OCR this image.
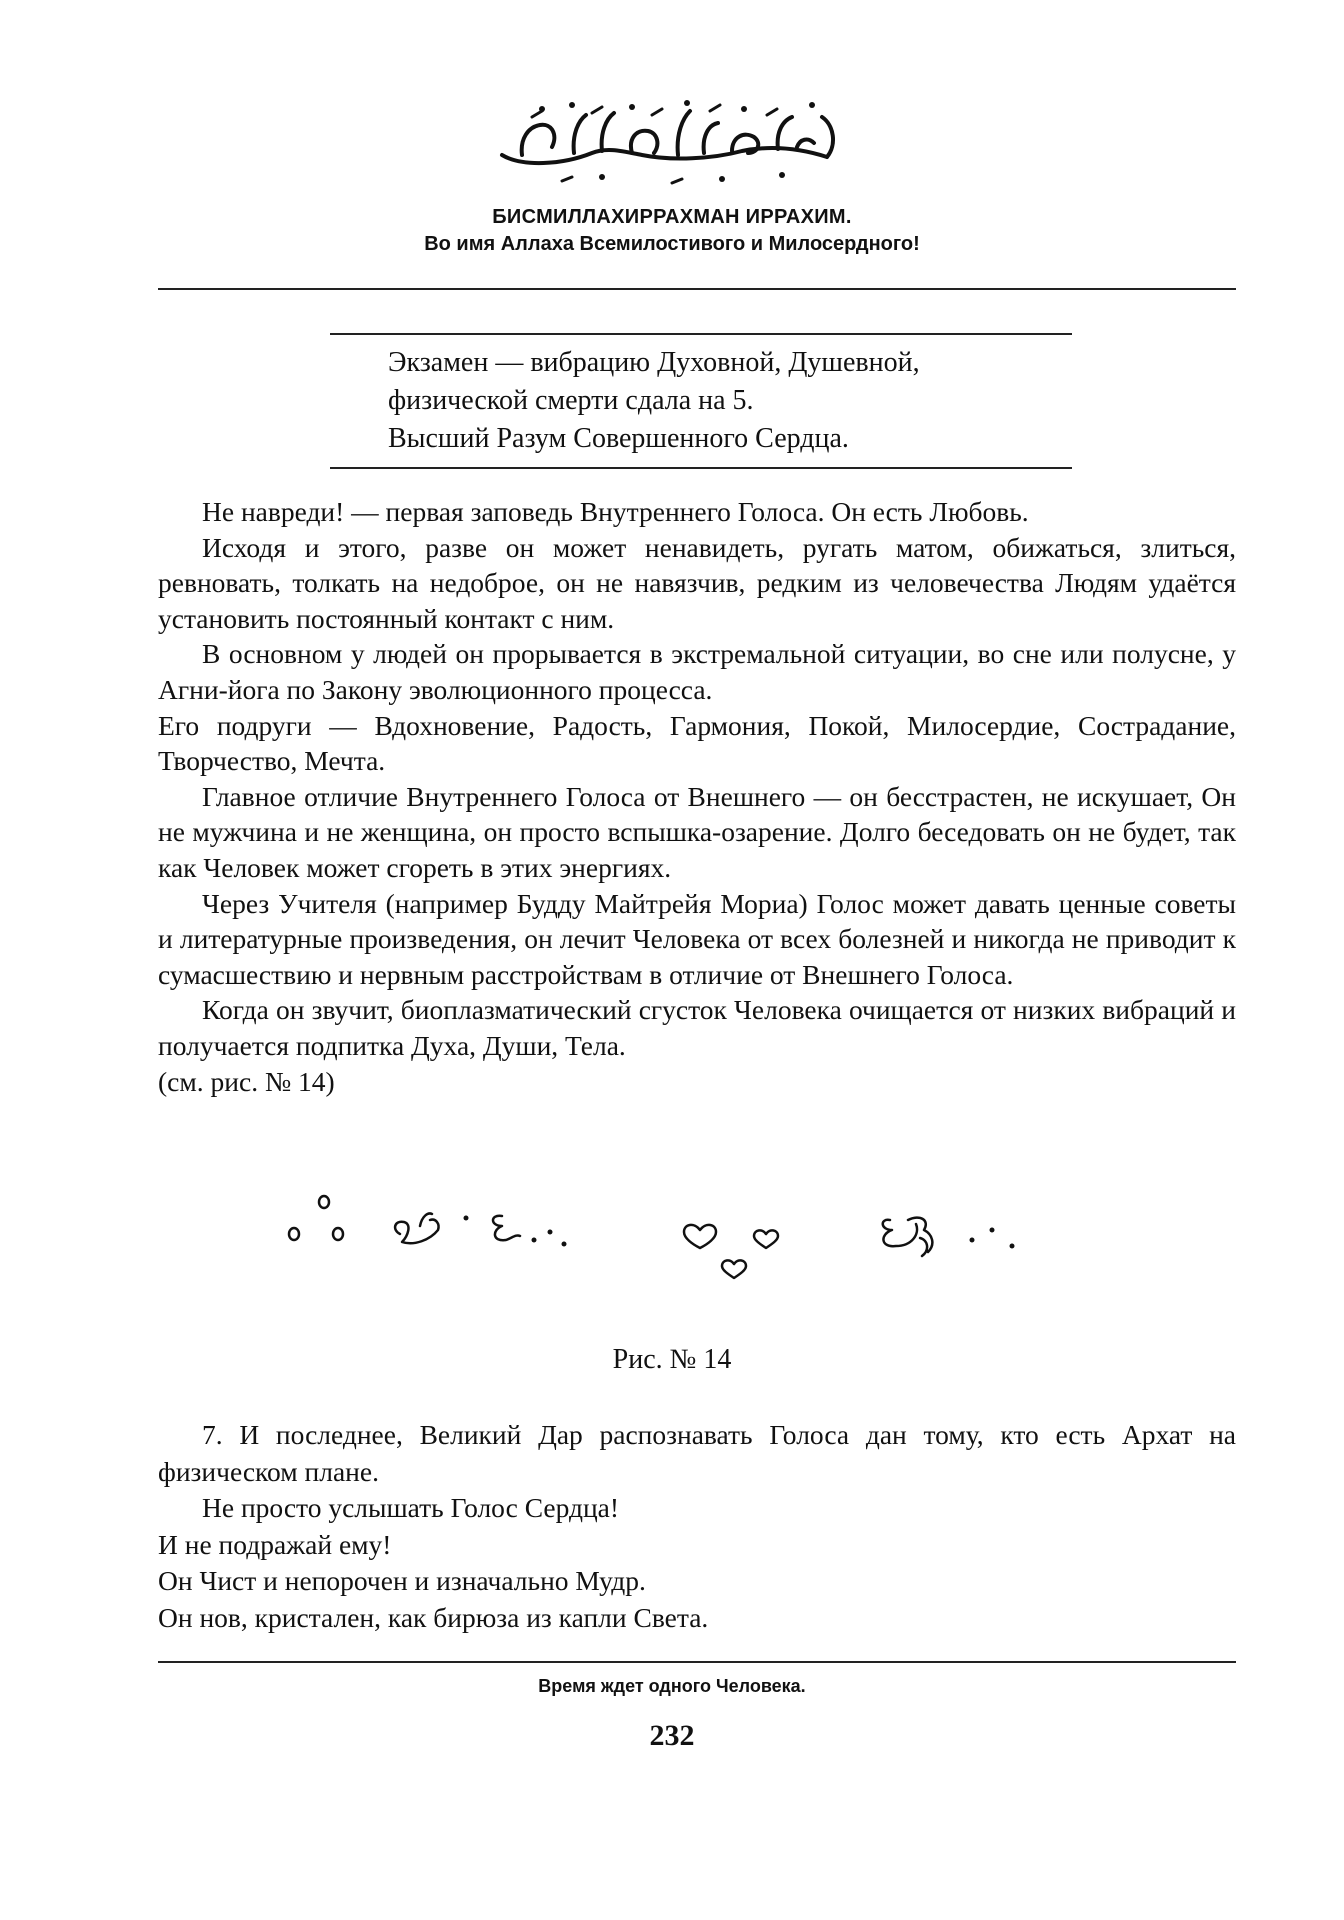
БИСМИЛЛАХИРРАХМАН ИРРАХИМ.
Во имя Аллаха Всемилостивого и Милосердного!
Экзамен — вибрацию Духовной, Душевной,
физической смерти сдала на 5.
Высший Разум Совершенного Сердца.
Не навреди! — первая заповедь Внутреннего Голоса. Он есть Любовь.
Исходя и этого, разве он может ненавидеть, ругать матом, обижаться, злиться, ревновать, толкать на недоброе, он не навязчив, редким из человечества Людям удаётся установить постоянный контакт с ним.
В основном у людей он прорывается в экстремальной ситуации, во сне или полусне, у Агни-йога по Закону эволюционного процесса.
Его подруги — Вдохновение, Радость, Гармония, Покой, Милосердие, Сострадание, Творчество, Мечта.
Главное отличие Внутреннего Голоса от Внешнего — он бесстрастен, не искушает, Он не мужчина и не женщина, он просто вспышка-озарение. Долго беседовать он не будет, так как Человек может сгореть в этих энергиях.
Через Учителя (например Будду Майтрейя Мориа) Голос может давать ценные советы и литературные произведения, он лечит Человека от всех болезней и никогда не приводит к сумасшествию и нервным расстройствам в отличие от Внешнего Голоса.
Когда он звучит, биоплазматический сгусток Человека очищается от низких вибраций и получается подпитка Духа, Души, Тела.
(см. рис. № 14)
Рис. № 14
7. И последнее, Великий Дар распознавать Голоса дан тому, кто есть Архат на физическом плане.
Не просто услышать Голос Сердца!
И не подражай ему!
Он Чист и непорочен и изначально Мудр.
Он нов, кристален, как бирюза из капли Света.
Время ждет одного Человека.
232
